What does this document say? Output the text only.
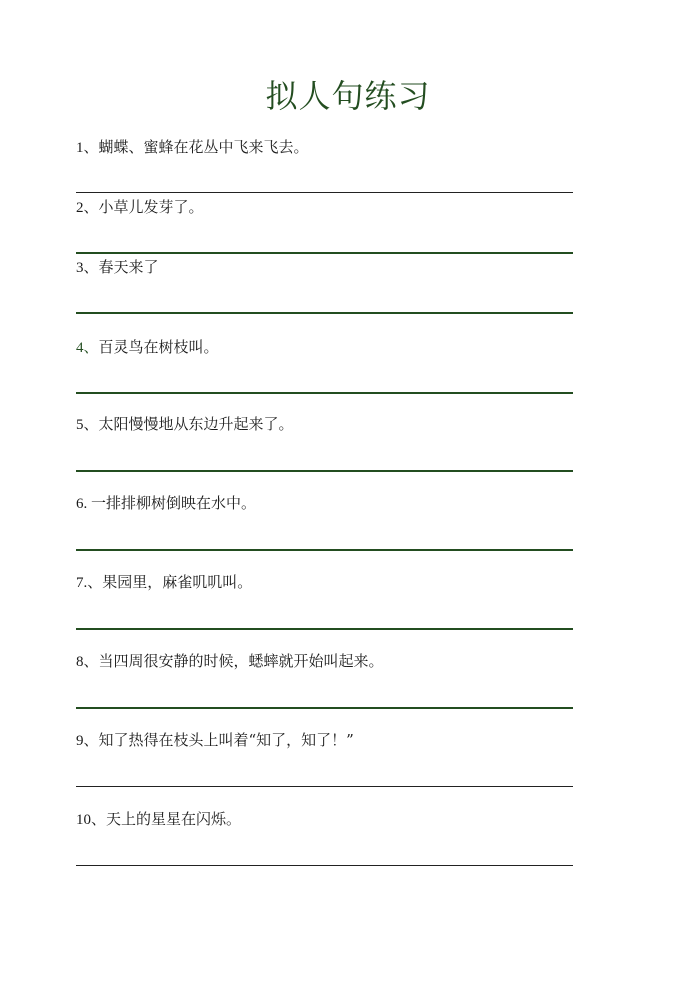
拟人句练习
1、蝴蝶、蜜蜂在花丛中飞来飞去。
2、小草儿发芽了。
3、春天来了
4、百灵鸟在树枝叫。
5、太阳慢慢地从东边升起来了。
6. 一排排柳树倒映在水中。
7.、果园里，麻雀叽叽叫。
8、当四周很安静的时候，蟋蟀就开始叫起来。
9、知了热得在枝头上叫着“知了，知了！”
10、天上的星星在闪烁。
